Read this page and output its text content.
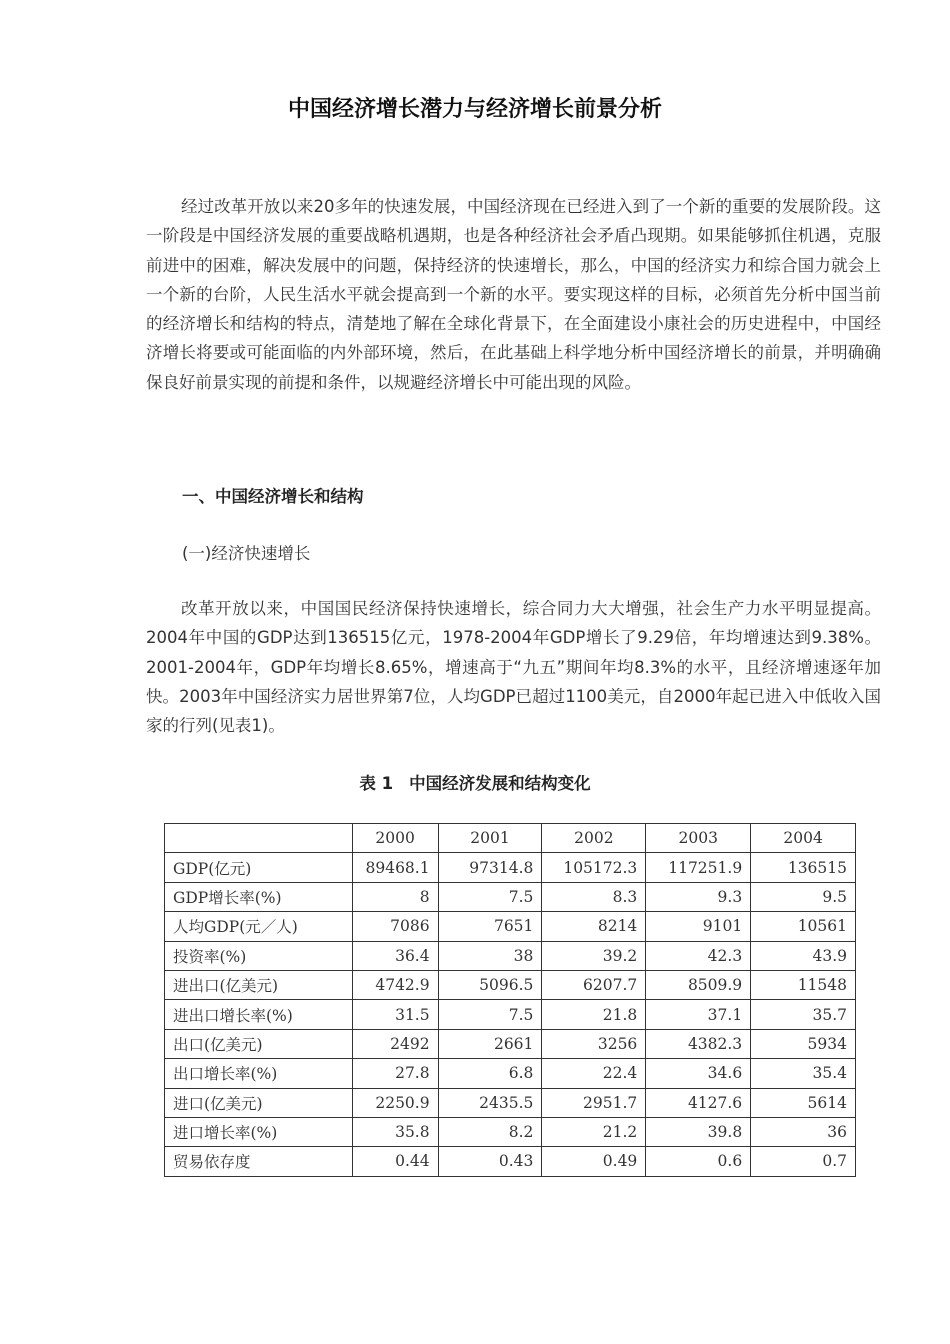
中国经济增长潜力与经济增长前景分析
经过改革开放以来20多年的快速发展，中国经济现在已经进入到了一个新的重要的发展阶段。这一阶段是中国经济发展的重要战略机遇期，也是各种经济社会矛盾凸现期。如果能够抓住机遇，克服前进中的困难，解决发展中的问题，保持经济的快速增长，那么，中国的经济实力和综合国力就会上一个新的台阶，人民生活水平就会提高到一个新的水平。要实现这样的目标，必须首先分析中国当前的经济增长和结构的特点，清楚地了解在全球化背景下，在全面建设小康社会的历史进程中，中国经济增长将要或可能面临的内外部环境，然后，在此基础上科学地分析中国经济增长的前景，并明确确保良好前景实现的前提和条件，以规避经济增长中可能出现的风险。
一、中国经济增长和结构
(一)经济快速增长
改革开放以来，中国国民经济保持快速增长，综合同力大大增强，社会生产力水平明显提高。2004年中国的GDP达到136515亿元，1978-2004年GDP增长了9.29倍，年均增速达到9.38%。2001-2004年，GDP年均增长8.65%，增速高于“九五”期间年均8.3%的水平，且经济增速逐年加快。2003年中国经济实力居世界第7位，人均GDP已超过1100美元，自2000年起已进入中低收入国家的行列(见表1)。
表 1 中国经济发展和结构变化
	2000	2001	2002	2003	2004
GDP(亿元)	89468.1	97314.8	105172.3	117251.9	136515
GDP增长率(%)	8	7.5	8.3	9.3	9.5
人均GDP(元／人)	7086	7651	8214	9101	10561
投资率(%)	36.4	38	39.2	42.3	43.9
进出口(亿美元)	4742.9	5096.5	6207.7	8509.9	11548
进出口增长率(%)	31.5	7.5	21.8	37.1	35.7
出口(亿美元)	2492	2661	3256	4382.3	5934
出口增长率(%)	27.8	6.8	22.4	34.6	35.4
进口(亿美元)	2250.9	2435.5	2951.7	4127.6	5614
进口增长率(%)	35.8	8.2	21.2	39.8	36
贸易依存度	0.44	0.43	0.49	0.6	0.7
